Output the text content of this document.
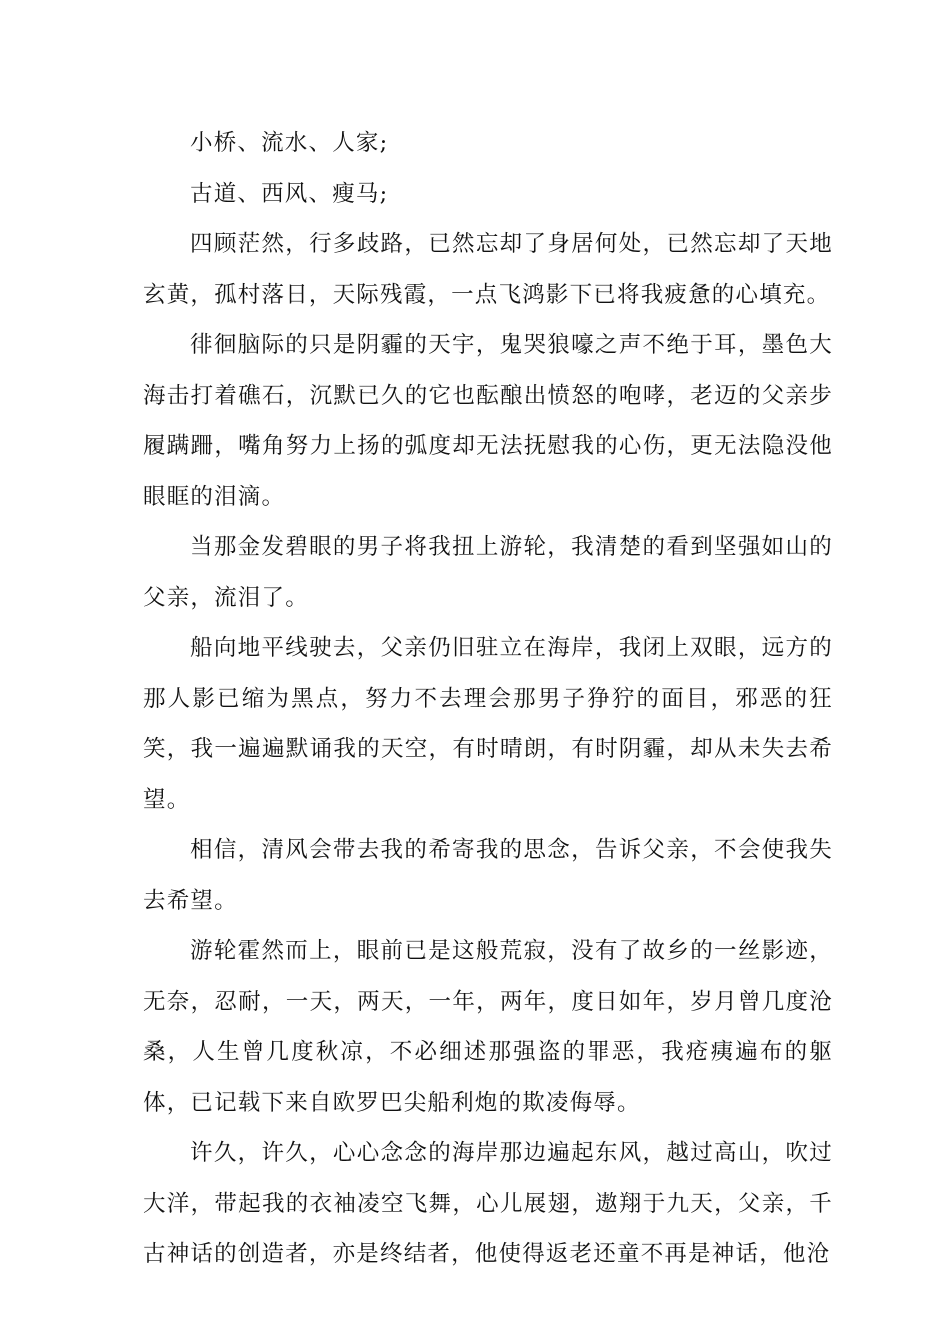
小桥、流水、人家;

古道、西风、瘦马;

四顾茫然，行多歧路，已然忘却了身居何处，已然忘却了天地玄黄，孤村落日，天际残霞，一点飞鸿影下已将我疲惫的心填充。

徘徊脑际的只是阴霾的天宇，鬼哭狼嚎之声不绝于耳，墨色大海击打着礁石，沉默已久的它也酝酿出愤怒的咆哮，老迈的父亲步履蹒跚，嘴角努力上扬的弧度却无法抚慰我的心伤，更无法隐没他眼眶的泪滴。

当那金发碧眼的男子将我扭上游轮，我清楚的看到坚强如山的父亲，流泪了。

船向地平线驶去，父亲仍旧驻立在海岸，我闭上双眼，远方的那人影已缩为黑点，努力不去理会那男子狰狞的面目，邪恶的狂笑，我一遍遍默诵我的天空，有时晴朗，有时阴霾，却从未失去希望。

相信，清风会带去我的希寄我的思念，告诉父亲，不会使我失去希望。

游轮霍然而上，眼前已是这般荒寂，没有了故乡的一丝影迹，无奈，忍耐，一天，两天，一年，两年，度日如年，岁月曾几度沧桑，人生曾几度秋凉，不必细述那强盗的罪恶，我疮痍遍布的躯体，已记载下来自欧罗巴尖船利炮的欺凌侮辱。

许久，许久，心心念念的海岸那边遍起东风，越过高山，吹过大洋，带起我的衣袖凌空飞舞，心儿展翅，遨翔于九天，父亲，千古神话的创造者，亦是终结者，他使得返老还童不再是神话，他沧
